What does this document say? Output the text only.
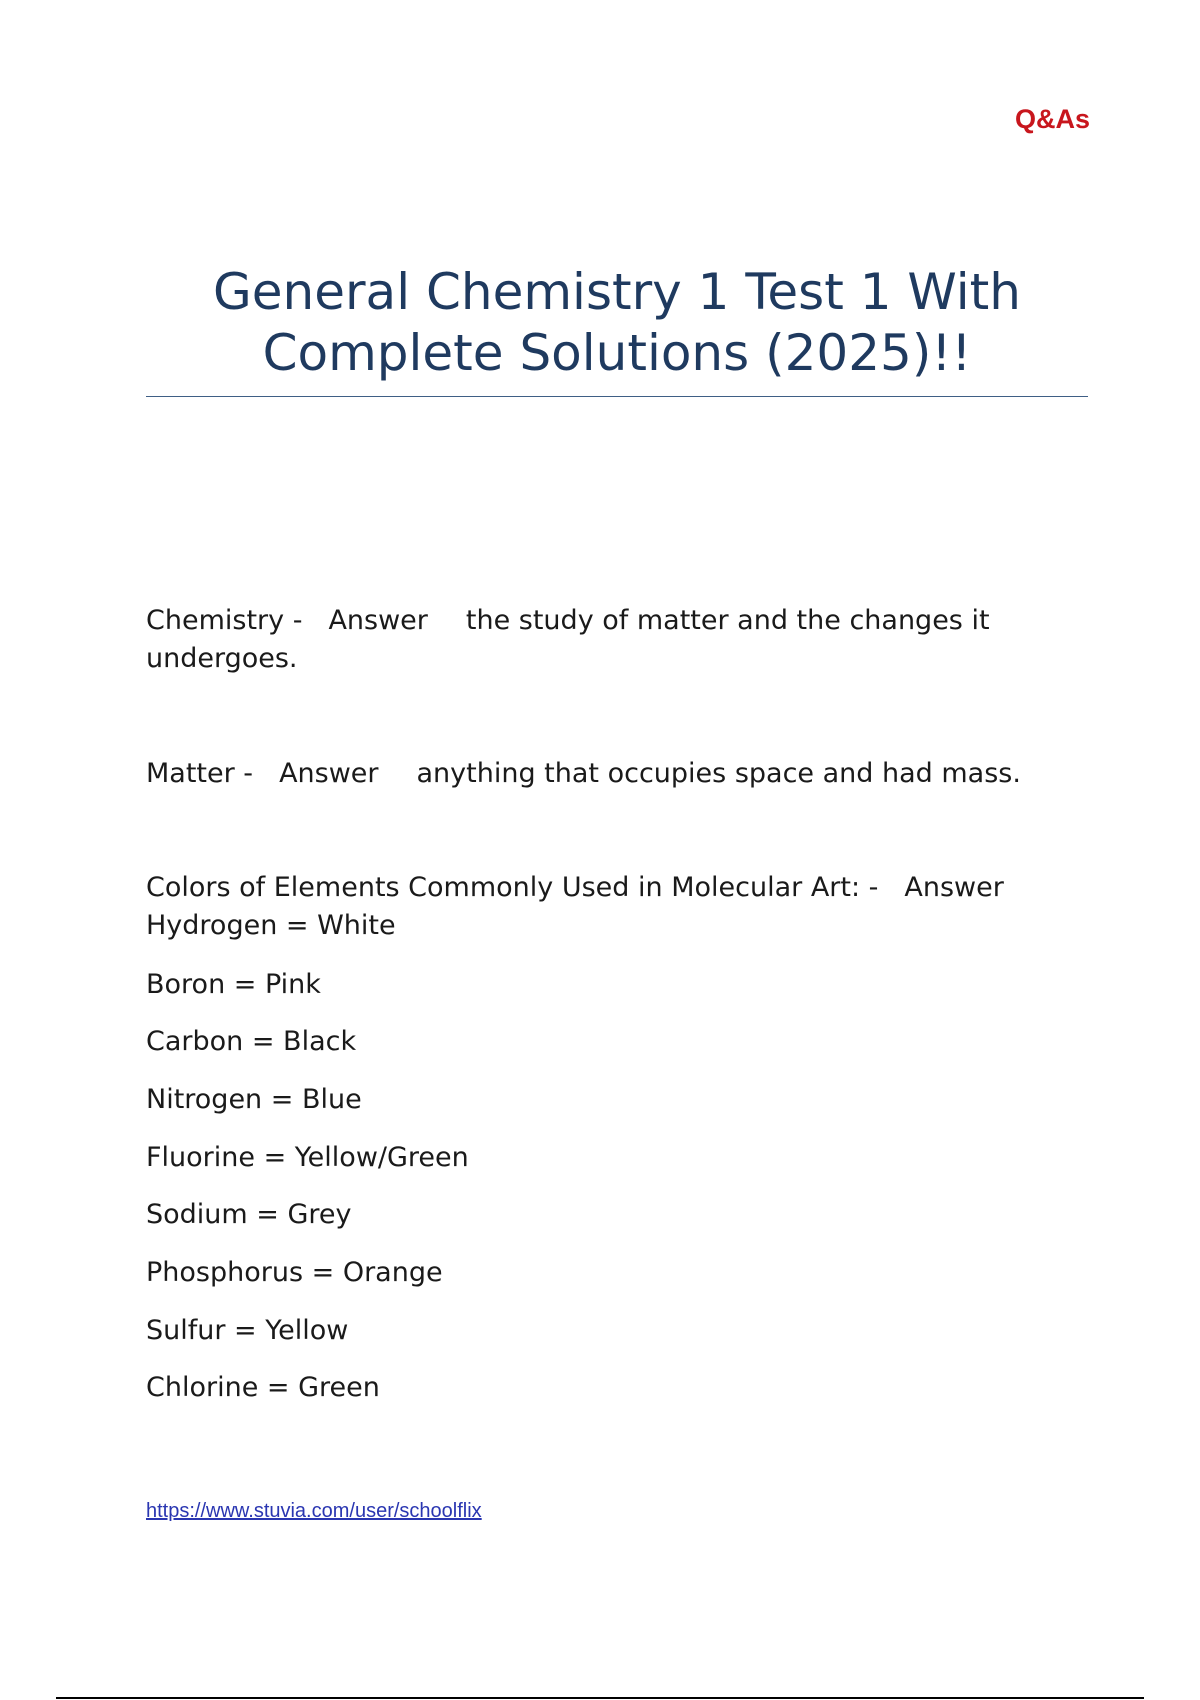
Q&As
General Chemistry 1 Test 1 With
Complete Solutions (2025)!!
Chemistry - Answer the study of matter and the changes it undergoes.
Matter - Answer anything that occupies space and had mass.
Colors of Elements Commonly Used in Molecular Art: - Answer
Hydrogen = White
Boron = Pink
Carbon = Black
Nitrogen = Blue
Fluorine = Yellow/Green
Sodium = Grey
Phosphorus = Orange
Sulfur = Yellow
Chlorine = Green
https://www.stuvia.com/user/schoolflix
